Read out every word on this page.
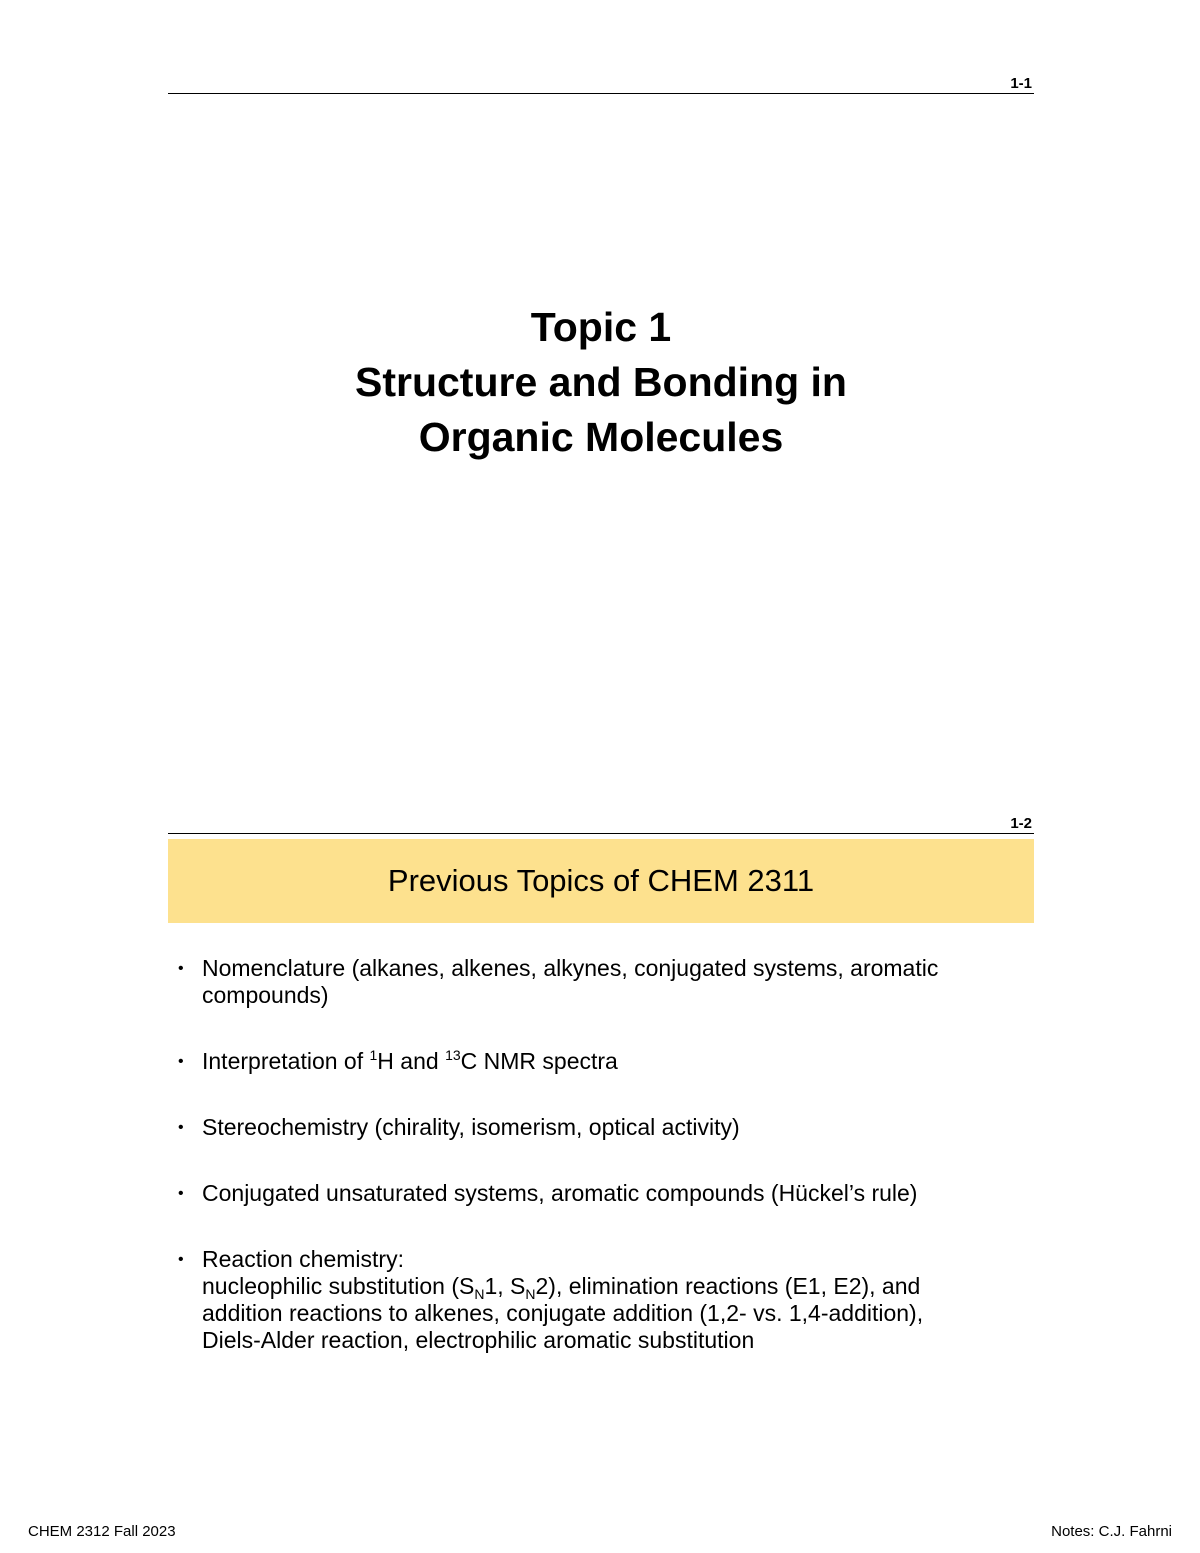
1-1
Topic 1
Structure and Bonding in
Organic Molecules
1-2
Previous Topics of CHEM 2311
• Nomenclature (alkanes, alkenes, alkynes, conjugated systems, aromatic compounds)
• Interpretation of $^1$H and $^{13}$C NMR spectra
• Stereochemistry (chirality, isomerism, optical activity)
• Conjugated unsaturated systems, aromatic compounds (Hückel’s rule)
• Reaction chemistry:
nucleophilic substitution ($S_N1$, $S_N2$), elimination reactions (E1, E2), and
addition reactions to alkenes, conjugate addition (1,2- vs. 1,4-addition),
Diels-Alder reaction, electrophilic aromatic substitution
CHEM 2312 Fall 2023	Notes: C.J. Fahrni
